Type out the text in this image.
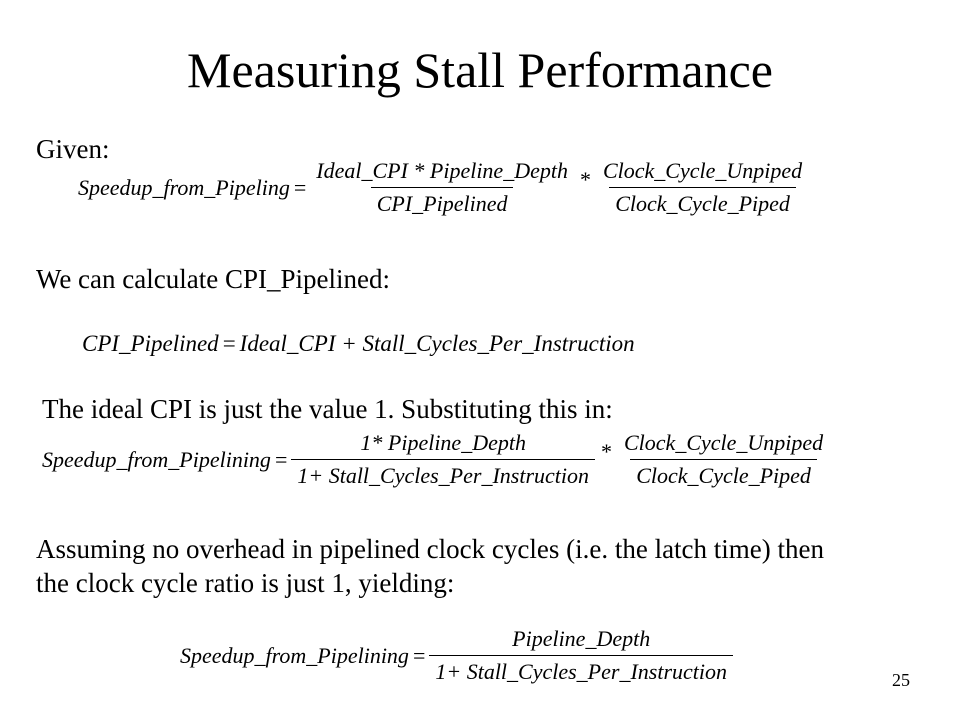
Measuring Stall Performance
Given:
Speedup_from_Pipeling = $\frac{\text{Ideal\_CPI * Pipeline\_Depth}}{\text{CPI\_Pipelined}} * \frac{\text{Clock\_Cycle\_Unpiped}}{\text{Clock\_Cycle\_Piped}}$
We can calculate CPI_Pipelined:
CPI_Pipelined = Ideal_CPI + Stall_Cycles_Per_Instruction
The ideal CPI is just the value 1. Substituting this in:
Speedup_from_Pipelining = $\frac{\text{1* Pipeline\_Depth}}{\text{1+ Stall\_Cycles\_Per\_Instruction}} * \frac{\text{Clock\_Cycle\_Unpiped}}{\text{Clock\_Cycle\_Piped}}$
Assuming no overhead in pipelined clock cycles (i.e. the latch time) then the clock cycle ratio is just 1, yielding:
Speedup_from_Pipelining = $\frac{\text{Pipeline\_Depth}}{\text{1+ Stall\_Cycles\_Per\_Instruction}}$	25
